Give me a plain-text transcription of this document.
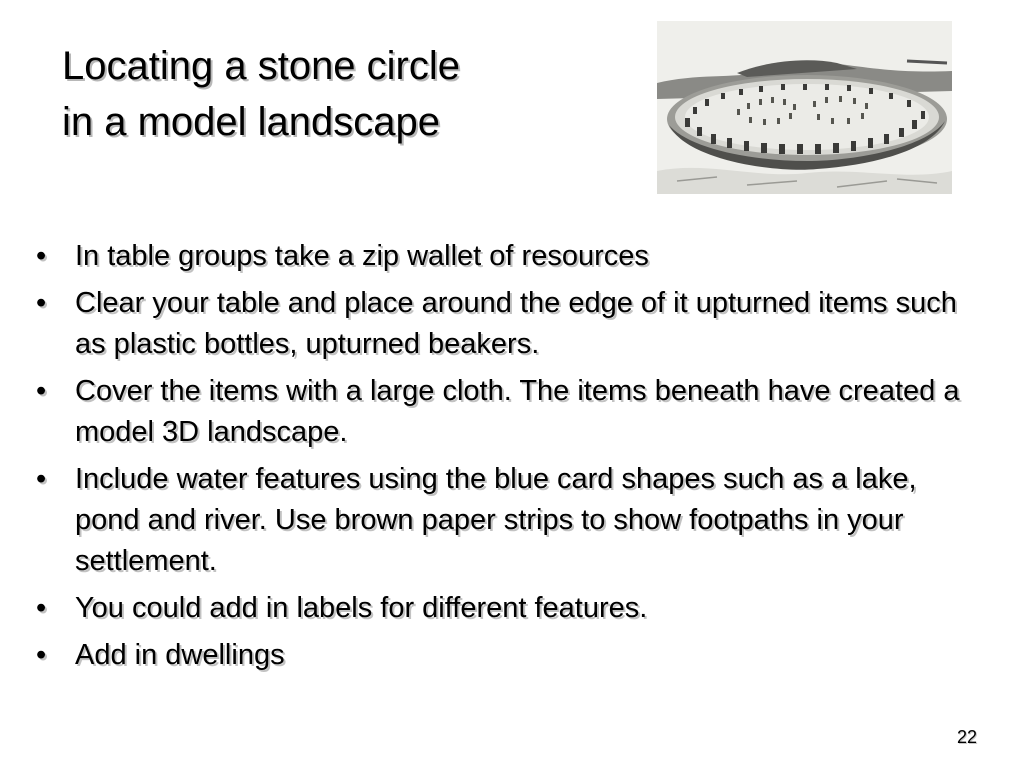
Locating a stone circle
in a model landscape
• In table groups take a zip wallet of resources
• Clear your table and place around the edge of it upturned items such as plastic bottles, upturned beakers.
• Cover the items with a large cloth. The items beneath have created a model 3D landscape.
• Include water features using the blue card shapes such as a lake, pond and river. Use brown paper strips to show footpaths in your settlement.
• You could add in labels for different features.
• Add in dwellings
22
